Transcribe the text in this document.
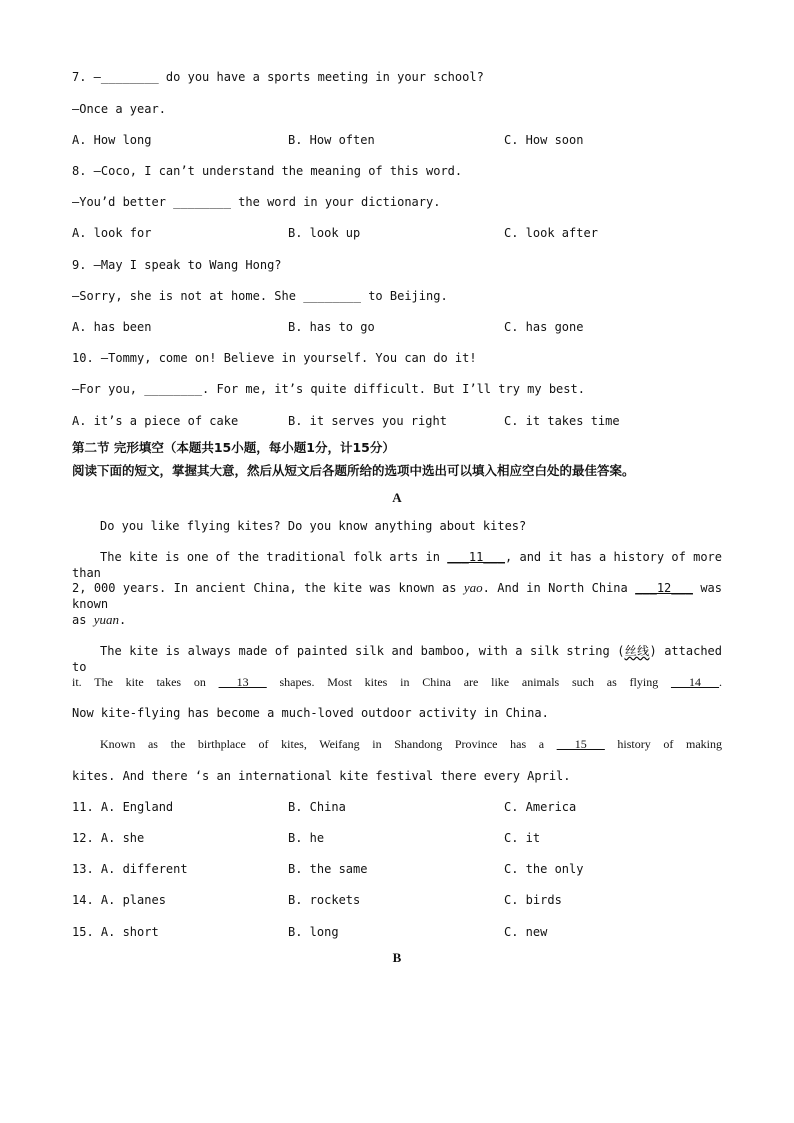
7. —________ do you have a sports meeting in your school?
—Once a year.
A. How long	B. How often	C. How soon
8. —Coco, I can’t understand the meaning of this word.
—You’d better ________ the word in your dictionary.
A. look for	B. look up	C. look after
9. —May I speak to Wang Hong?
—Sorry, she is not at home. She ________ to Beijing.
A. has been	B. has to go	C. has gone
10. —Tommy, come on! Believe in yourself. You can do it!
—For you, ________. For me, it’s quite difficult. But I’ll try my best.
A. it’s a piece of cake	B. it serves you right	C. it takes time
第二节 完形填空（本题共15小题，每小题1分，计15分）
阅读下面的短文，掌握其大意，然后从短文后各题所给的选项中选出可以填入相应空白处的最佳答案。
A
Do you like flying kites? Do you know anything about kites?
The kite is one of the traditional folk arts in ___11___, and it has a history of more than
2, 000 years. In ancient China, the kite was known as yao. And in North China ___12___ was known
as yuan.
The kite is always made of painted silk and bamboo, with a silk string (丝线) attached to
it. The kite takes on ___13___ shapes. Most kites in China are like animals such as flying ___14___.
Now kite-flying has become a much-loved outdoor activity in China.
Known as the birthplace of kites, Weifang in Shandong Province has a ___15___ history of making
kites. And there ‘s an international kite festival there every April.
11. A. England	B. China	C. America
12. A. she	B. he	C. it
13. A. different	B. the same	C. the only
14. A. planes	B. rockets	C. birds
15. A. short	B. long	C. new
B
